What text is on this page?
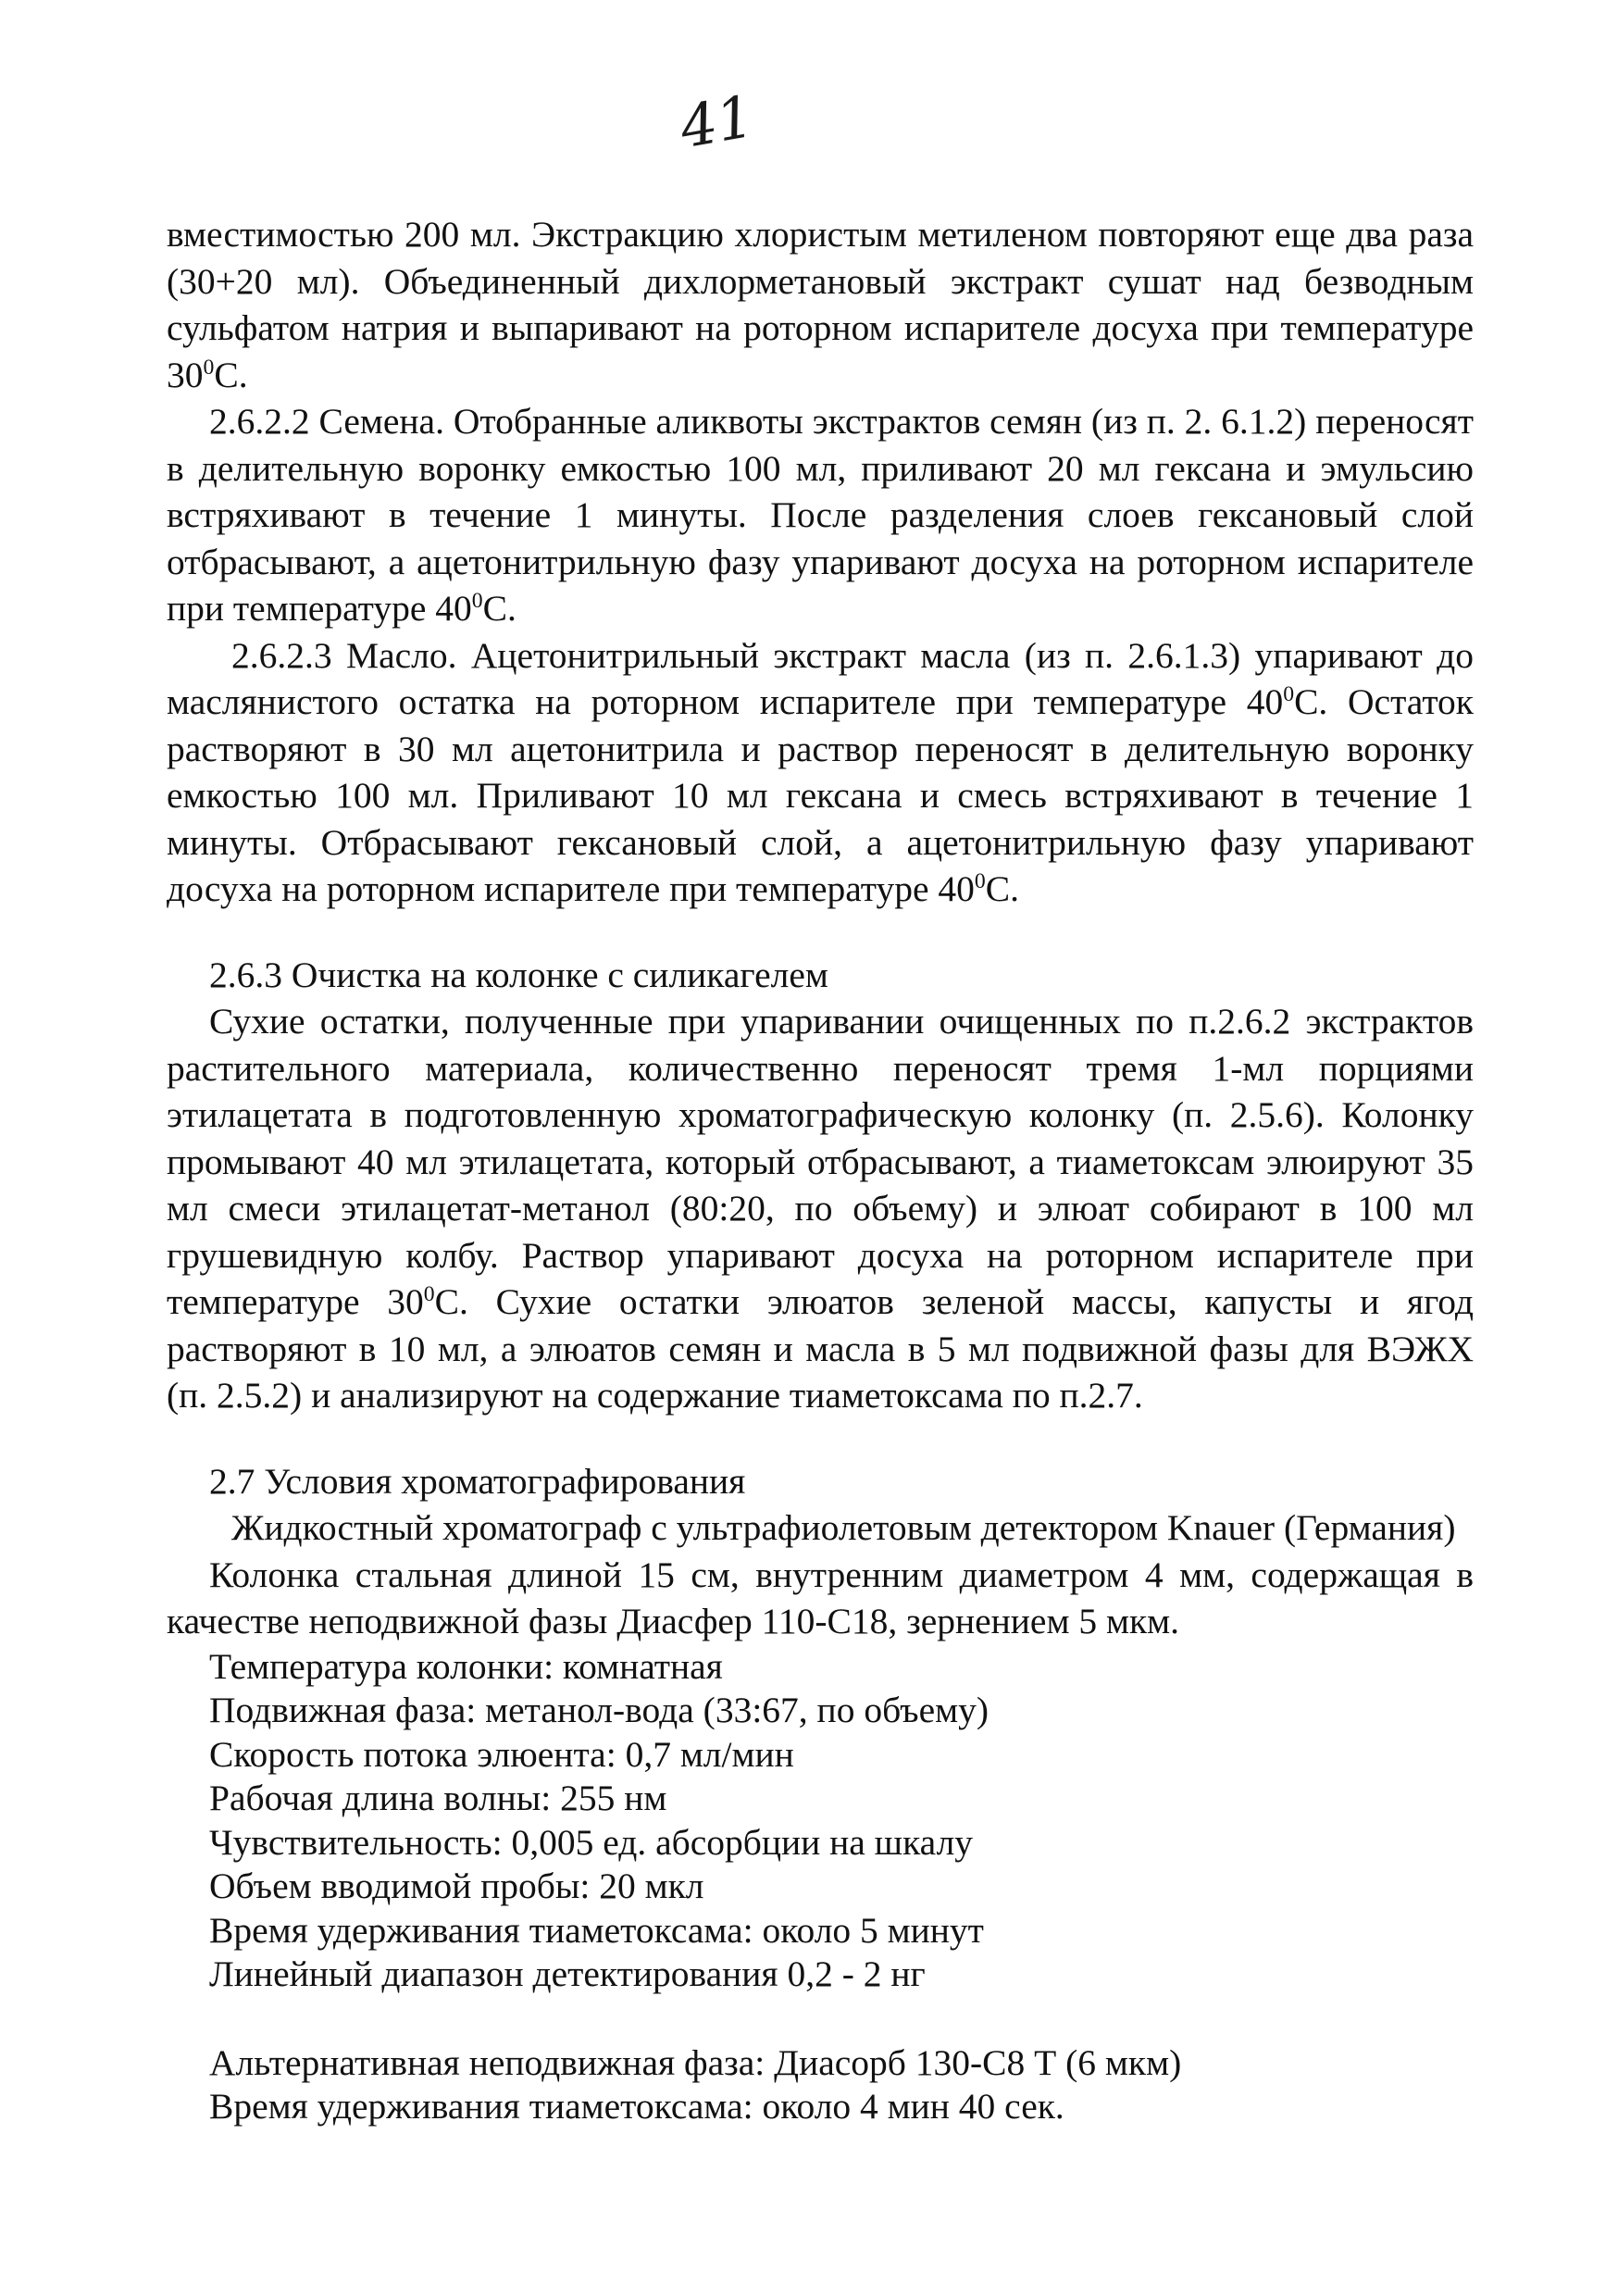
41

вместимостью 200 мл. Экстракцию хлористым метиленом повторяют еще два раза (30+20 мл). Объединенный дихлорметановый экстракт сушат над безводным сульфатом натрия и выпаривают на роторном испарителе досуха при температуре $30^0С$.

2.6.2.2 Семена. Отобранные аликвоты экстрактов семян (из п. 2. 6.1.2) переносят в делительную воронку емкостью 100 мл, приливают 20 мл гексана и эмульсию встряхивают в течение 1 минуты. После разделения слоев гексановый слой отбрасывают, а ацетонитрильную фазу упаривают досуха на роторном испарителе при температуре $40^0С$.

2.6.2.3 Масло. Ацетонитрильный экстракт масла (из п. 2.6.1.3) упаривают до маслянистого остатка на роторном испарителе при температуре $40^0С$. Остаток растворяют в 30 мл ацетонитрила и раствор переносят в делительную воронку емкостью 100 мл. Приливают 10 мл гексана и смесь встряхивают в течение 1 минуты. Отбрасывают гексановый слой, а ацетонитрильную фазу упаривают досуха на роторном испарителе при температуре $40^0С$.

2.6.3 Очистка на колонке с силикагелем

Сухие остатки, полученные при упаривании очищенных по п.2.6.2 экстрактов растительного материала, количественно переносят тремя 1-мл порциями этилацетата в подготовленную хроматографическую колонку (п. 2.5.6). Колонку промывают 40 мл этилацетата, который отбрасывают, а тиаметоксам элюируют 35 мл смеси этилацетат-метанол (80:20, по объему) и элюат собирают в 100 мл грушевидную колбу. Раствор упаривают досуха на роторном испарителе при температуре $30^0С$. Сухие остатки элюатов зеленой массы, капусты и ягод растворяют в 10 мл, а элюатов семян и масла в 5 мл подвижной фазы для ВЭЖХ (п. 2.5.2) и анализируют на содержание тиаметоксама по п.2.7.

2.7 Условия хроматографирования

Жидкостный хроматограф с ультрафиолетовым детектором Knauer (Германия)

Колонка стальная длиной 15 см, внутренним диаметром 4 мм, содержащая в качестве неподвижной фазы Диасфер 110-С18, зернением 5 мкм.

Температура колонки: комнатная

Подвижная фаза: метанол-вода (33:67, по объему)

Скорость потока элюента: 0,7 мл/мин

Рабочая длина волны: 255 нм

Чувствительность: 0,005 ед. абсорбции на шкалу

Объем вводимой пробы: 20 мкл

Время удерживания тиаметоксама: около 5 минут

Линейный диапазон детектирования 0,2 - 2 нг

Альтернативная неподвижная фаза: Диасорб 130-С8 Т (6 мкм)

Время удерживания тиаметоксама: около 4 мин 40 сек.
